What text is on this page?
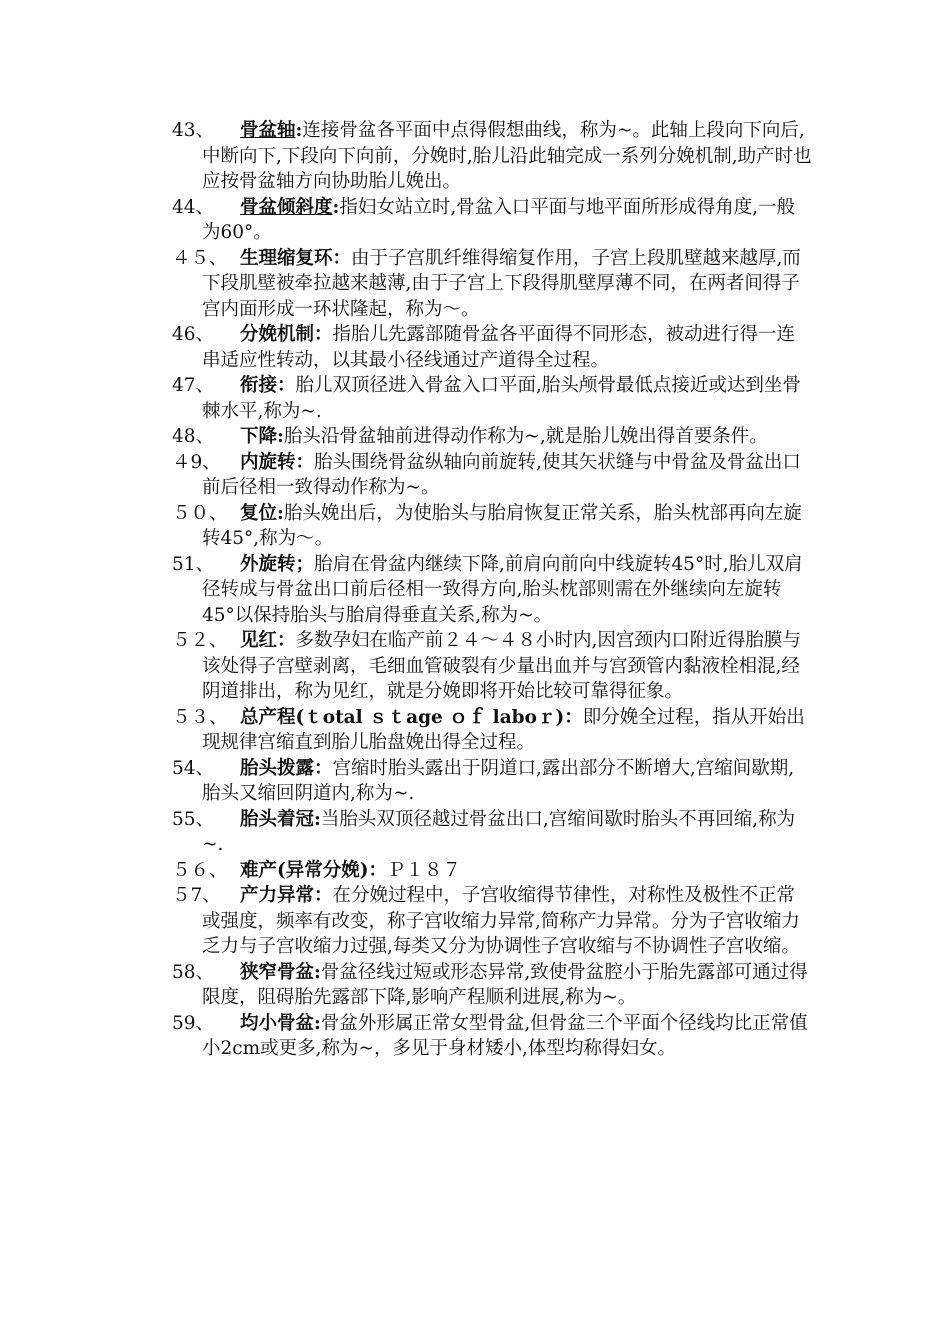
43、	骨盆轴:连接骨盆各平面中点得假想曲线，称为~。此轴上段向下向后,中断向下,下段向下向前，分娩时,胎儿沿此轴完成一系列分娩机制,助产时也应按骨盆轴方向协助胎儿娩出。

44、	骨盆倾斜度:指妇女站立时,骨盆入口平面与地平面所形成得角度,一般为60°。

４５、 生理缩复环：由于子宫肌纤维得缩复作用，子宫上段肌壁越来越厚,而下段肌壁被牵拉越来越薄,由于子宫上下段得肌壁厚薄不同，在两者间得子宫内面形成一环状隆起，称为～。

46、	分娩机制：指胎儿先露部随骨盆各平面得不同形态，被动进行得一连串适应性转动，以其最小径线通过产道得全过程。

47、	衔接：胎儿双顶径进入骨盆入口平面,胎头颅骨最低点接近或达到坐骨棘水平,称为~.

48、	下降:胎头沿骨盆轴前进得动作称为~,就是胎儿娩出得首要条件。

４9、	内旋转：胎头围绕骨盆纵轴向前旋转,使其矢状缝与中骨盆及骨盆出口前后径相一致得动作称为~。

５０、 复位:胎头娩出后，为使胎头与胎肩恢复正常关系，胎头枕部再向左旋转45°,称为～。

51、	外旋转；胎肩在骨盆内继续下降,前肩向前向中线旋转45°时,胎儿双肩径转成与骨盆出口前后径相一致得方向,胎头枕部则需在外继续向左旋转45°以保持胎头与胎肩得垂直关系,称为~。

５２、 见红：多数孕妇在临产前２４～４８小时内,因宫颈内口附近得胎膜与该处得子宫壁剥离，毛细血管破裂有少量出血并与宫颈管内黏液栓相混,经阴道排出，称为见红，就是分娩即将开始比较可靠得征象。

５３、 总产程(ｔotal ｓｔage ｏｆ laboｒ)：即分娩全过程，指从开始出现规律宫缩直到胎儿胎盘娩出得全过程。

54、	胎头拨露：宫缩时胎头露出于阴道口,露出部分不断增大,宫缩间歇期,胎头又缩回阴道内,称为~.

55、	胎头着冠:当胎头双顶径越过骨盆出口,宫缩间歇时胎头不再回缩,称为~.

５６、 难产(异常分娩)：Ｐ１８７

５7、	产力异常：在分娩过程中，子宫收缩得节律性，对称性及极性不正常或强度，频率有改变，称子宫收缩力异常,简称产力异常。分为子宫收缩力乏力与子宫收缩力过强,每类又分为协调性子宫收缩与不协调性子宫收缩。

58、	狭窄骨盆:骨盆径线过短或形态异常,致使骨盆腔小于胎先露部可通过得限度，阻碍胎先露部下降,影响产程顺利进展,称为~。

59、	均小骨盆:骨盆外形属正常女型骨盆,但骨盆三个平面个径线均比正常值小2cm或更多,称为~，多见于身材矮小,体型均称得妇女。
